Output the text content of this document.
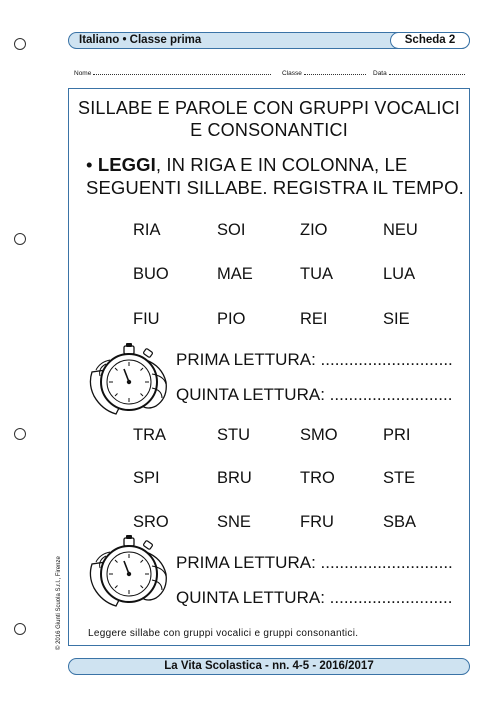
Italiano • Classe prima	Scheda 2
Nome	Classe	Data
SILLABE E PAROLE CON GRUPPI VOCALICI
E CONSONANTICI
• LEGGI, IN RIGA E IN COLONNA, LE
SEGUENTI SILLABE. REGISTRA IL TEMPO.
RIA	SOI	ZIO	NEU
BUO	MAE	TUA	LUA
FIU	PIO	REI	SIE
PRIMA LETTURA: ............................
QUINTA LETTURA: ..........................
TRA	STU	SMO	PRI
SPI	BRU	TRO	STE
SRO	SNE	FRU	SBA
PRIMA LETTURA: ............................
QUINTA LETTURA: ..........................
Leggere sillabe con gruppi vocalici e gruppi consonantici.
© 2016 Giunti Scuola S.r.l., Firenze
La Vita Scolastica - nn. 4-5 - 2016/2017
